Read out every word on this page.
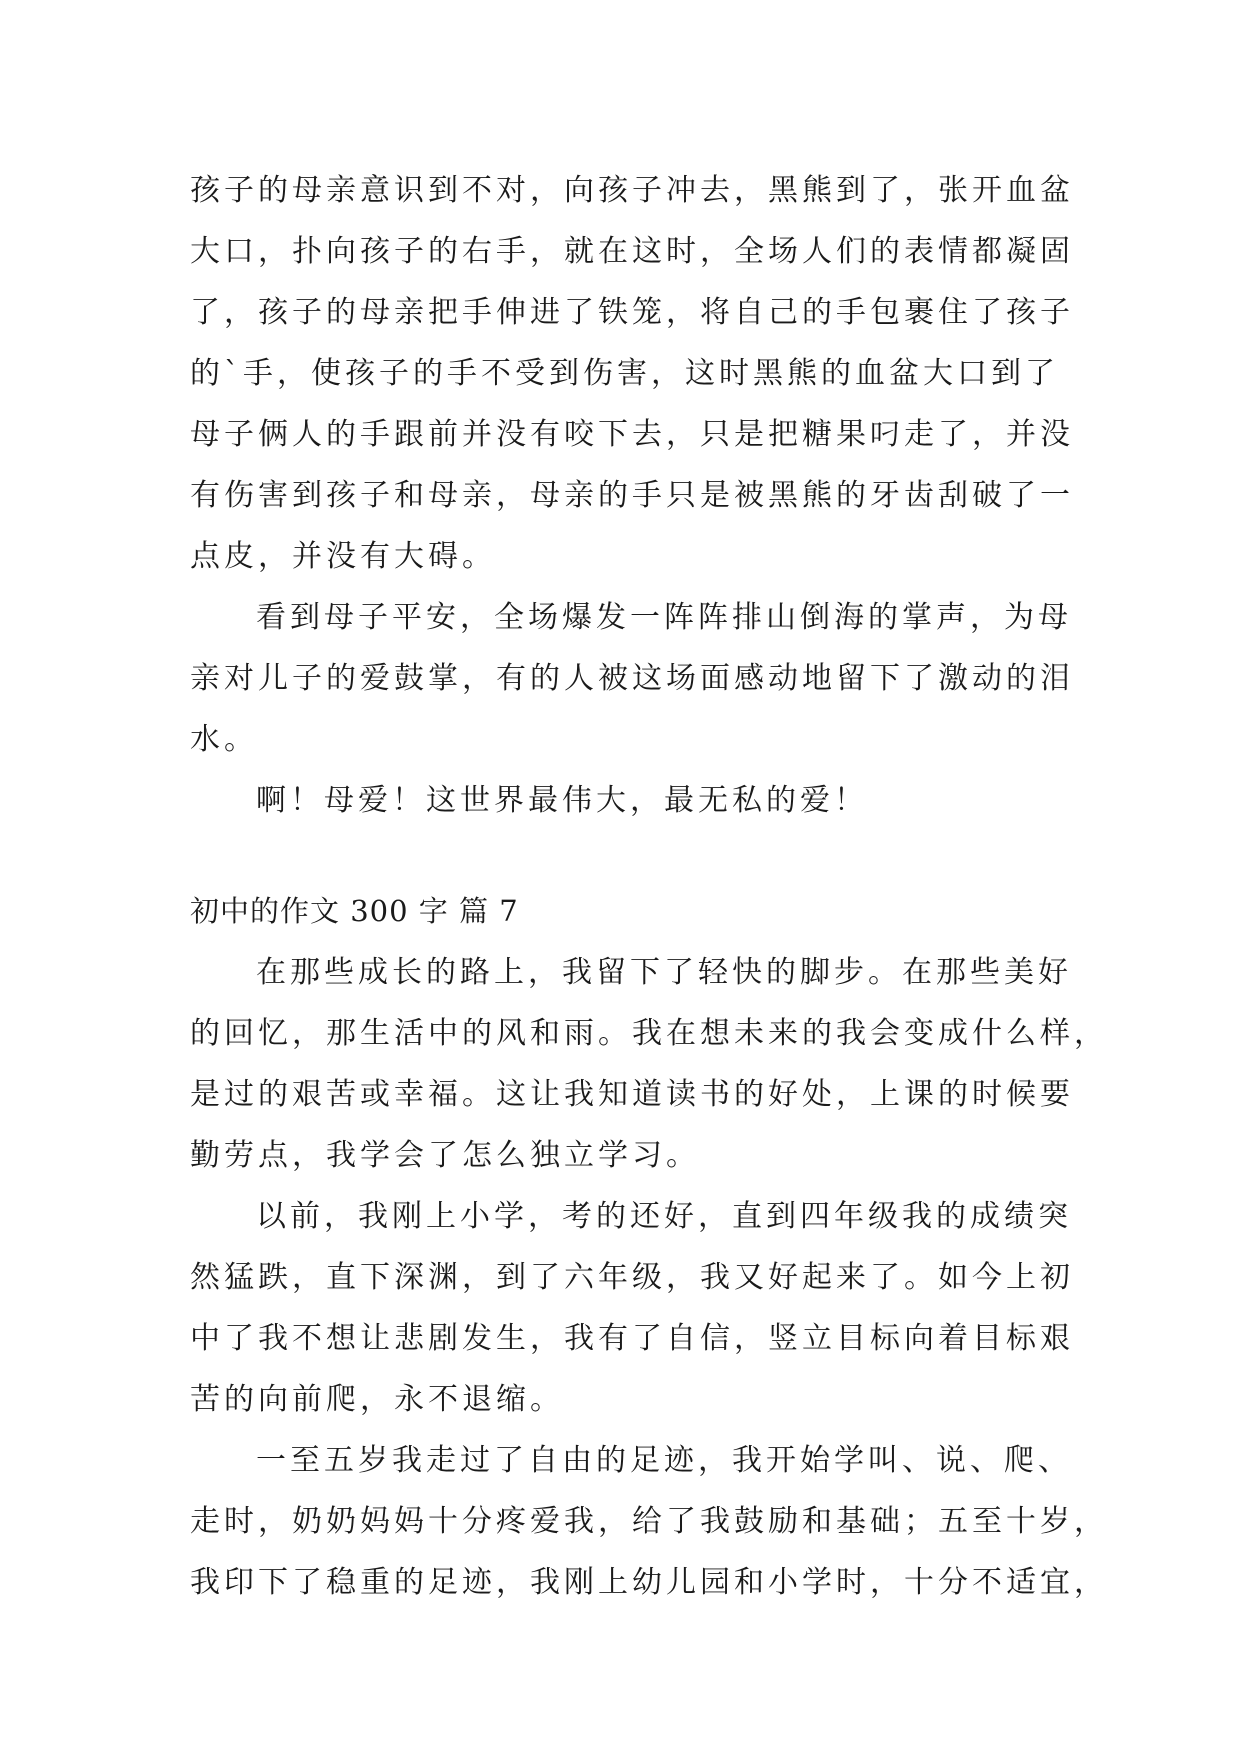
孩子的母亲意识到不对，向孩子冲去，黑熊到了，张开血盆
大口，扑向孩子的右手，就在这时，全场人们的表情都凝固
了，孩子的母亲把手伸进了铁笼，将自己的手包裹住了孩子
的`手，使孩子的手不受到伤害，这时黑熊的血盆大口到了
母子俩人的手跟前并没有咬下去，只是把糖果叼走了，并没
有伤害到孩子和母亲，母亲的手只是被黑熊的牙齿刮破了一
点皮，并没有大碍。
看到母子平安，全场爆发一阵阵排山倒海的掌声，为母
亲对儿子的爱鼓掌，有的人被这场面感动地留下了激动的泪
水。
啊！母爱！这世界最伟大，最无私的爱！
初中的作文 300 字 篇 7
在那些成长的路上，我留下了轻快的脚步。在那些美好
的回忆，那生活中的风和雨。我在想未来的我会变成什么样，
是过的艰苦或幸福。这让我知道读书的好处，上课的时候要
勤劳点，我学会了怎么独立学习。
以前，我刚上小学，考的还好，直到四年级我的成绩突
然猛跌，直下深渊，到了六年级，我又好起来了。如今上初
中了我不想让悲剧发生，我有了自信，竖立目标向着目标艰
苦的向前爬，永不退缩。
一至五岁我走过了自由的足迹，我开始学叫、说、爬、
走时，奶奶妈妈十分疼爱我，给了我鼓励和基础；五至十岁，
我印下了稳重的足迹，我刚上幼儿园和小学时，十分不适宜，
